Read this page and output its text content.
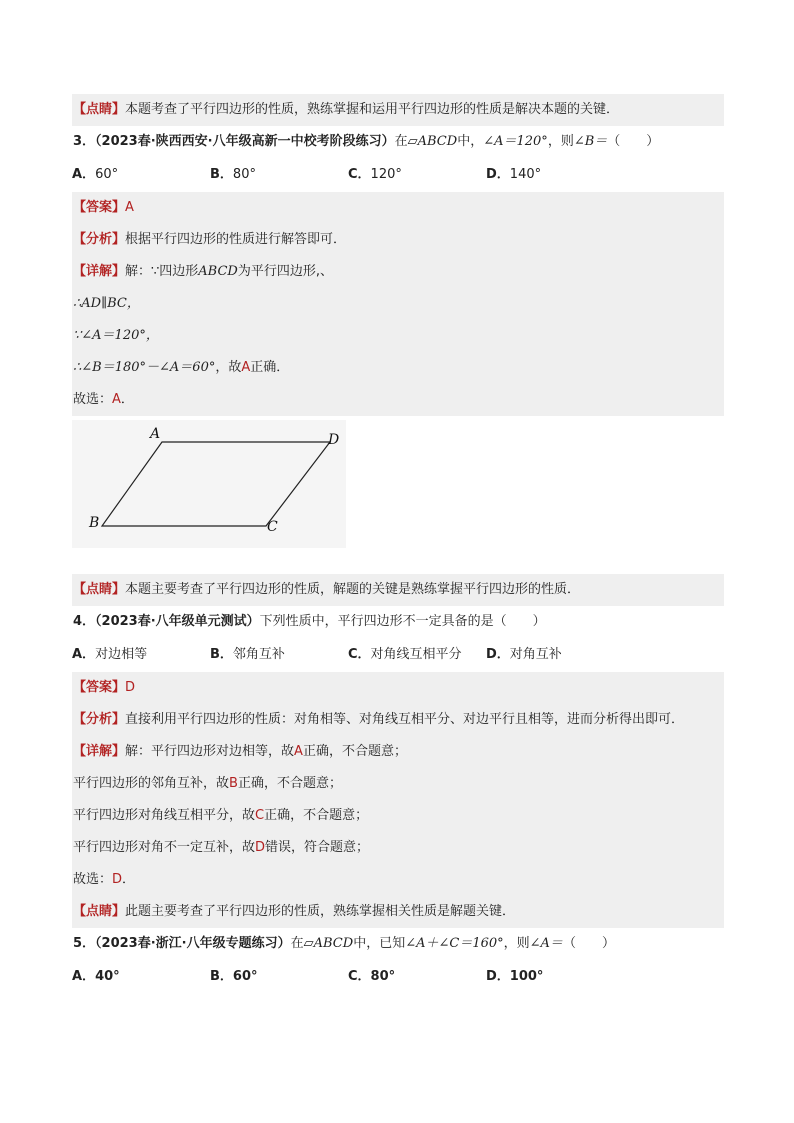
【点睛】本题考查了平行四边形的性质，熟练掌握和运用平行四边形的性质是解决本题的关键．
3．（2023春·陕西西安·八年级高新一中校考阶段练习）在▱ABCD中，∠A＝120°，则∠B＝（　　）
A．60°	B．80°	C．120°	D．140°
【答案】A
【分析】根据平行四边形的性质进行解答即可．
【详解】解：∵四边形ABCD为平行四边形,、
∴AD∥BC，
∵∠A＝120°，
∴∠B＝180°－∠A＝60°，故A正确．
故选：A．
A	D
B	C
【点睛】本题主要考查了平行四边形的性质，解题的关键是熟练掌握平行四边形的性质．
4．（2023春·八年级单元测试）下列性质中，平行四边形不一定具备的是（　　）
A．对边相等	B．邻角互补	C．对角线互相平分	D．对角互补
【答案】D
【分析】直接利用平行四边形的性质：对角相等、对角线互相平分、对边平行且相等，进而分析得出即可．
【详解】解：平行四边形对边相等，故A正确，不合题意；
平行四边形的邻角互补，故B正确，不合题意；
平行四边形对角线互相平分，故C正确，不合题意；
平行四边形对角不一定互补，故D错误，符合题意；
故选：D．
【点睛】此题主要考查了平行四边形的性质，熟练掌握相关性质是解题关键．
5．（2023春·浙江·八年级专题练习）在▱ABCD中，已知∠A＋∠C＝160°，则∠A＝（　　）
A．40°	B．60°	C．80°	D．100°
